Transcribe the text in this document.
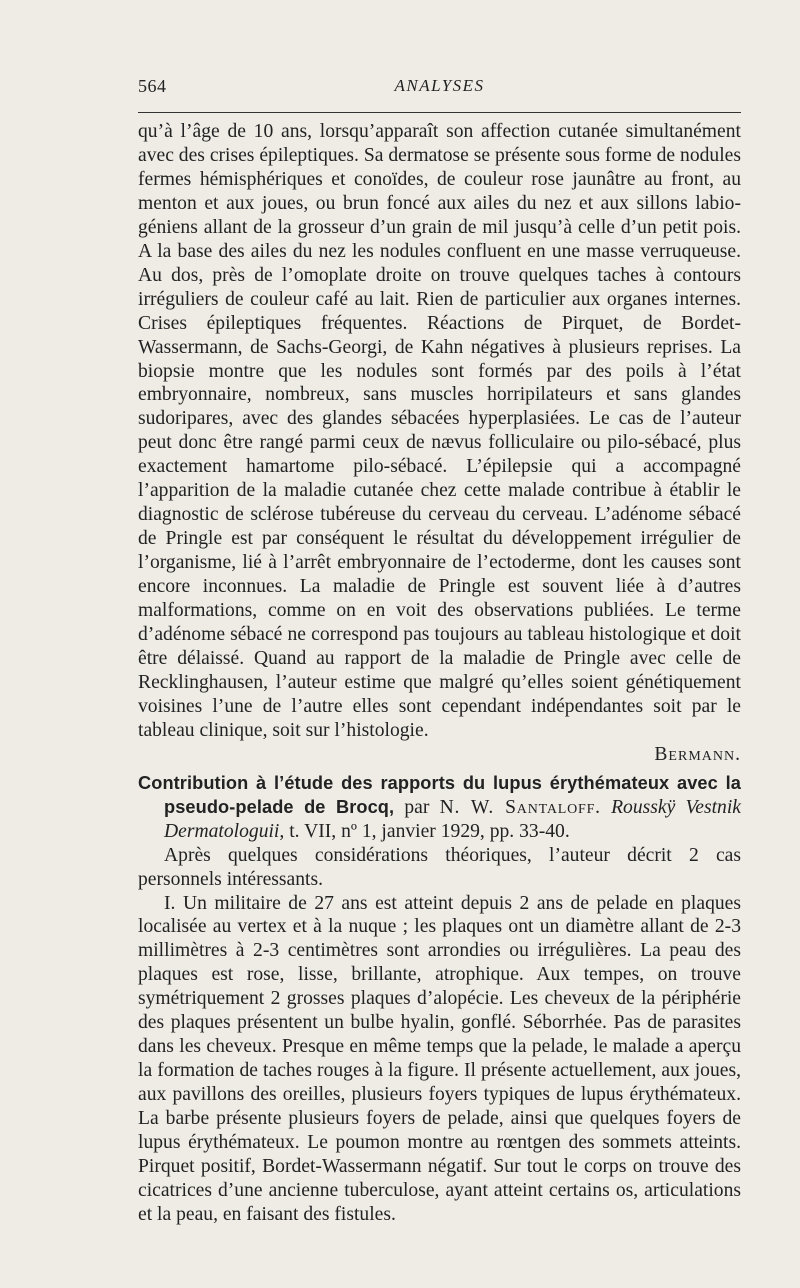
564	ANALYSES

qu’à l’âge de 10 ans, lorsqu’apparaît son affection cutanée simultanément avec des crises épileptiques. Sa dermatose se présente sous forme de nodules fermes hémisphériques et conoïdes, de couleur rose jaunâtre au front, au menton et aux joues, ou brun foncé aux ailes du nez et aux sillons labio-géniens allant de la grosseur d’un grain de mil jusqu’à celle d’un petit pois. A la base des ailes du nez les nodules confluent en une masse verruqueuse. Au dos, près de l’omoplate droite on trouve quelques taches à contours irréguliers de couleur café au lait. Rien de particulier aux organes internes. Crises épileptiques fréquentes. Réactions de Pirquet, de Bordet-Wassermann, de Sachs-Georgi, de Kahn négatives à plusieurs reprises. La biopsie montre que les nodules sont formés par des poils à l’état embryonnaire, nombreux, sans muscles horripilateurs et sans glandes sudoripares, avec des glandes sébacées hyperplasiées. Le cas de l’auteur peut donc être rangé parmi ceux de nævus folliculaire ou pilo-sébacé, plus exactement hamartome pilo-sébacé. L’épilepsie qui a accompagné l’apparition de la maladie cutanée chez cette malade contribue à établir le diagnostic de sclérose tubéreuse du cerveau du cerveau. L’adénome sébacé de Pringle est par conséquent le résultat du développement irrégulier de l’organisme, lié à l’arrêt embryonnaire de l’ectoderme, dont les causes sont encore inconnues. La maladie de Pringle est souvent liée à d’autres malformations, comme on en voit des observations publiées. Le terme d’adénome sébacé ne correspond pas toujours au tableau histologique et doit être délaissé. Quand au rapport de la maladie de Pringle avec celle de Recklinghausen, l’auteur estime que malgré qu’elles soient génétiquement voisines l’une de l’autre elles sont cependant indépendantes soit par le tableau clinique, soit sur l’histologie.

Bermann.

Contribution à l’étude des rapports du lupus érythémateux avec la pseudo-pelade de Brocq, par N. W. Santaloff. Rousskÿ Vestnik Dermatologuii, t. VII, nº 1, janvier 1929, pp. 33-40.

Après quelques considérations théoriques, l’auteur décrit 2 cas personnels intéressants.

I. Un militaire de 27 ans est atteint depuis 2 ans de pelade en plaques localisée au vertex et à la nuque ; les plaques ont un diamètre allant de 2-3 millimètres à 2-3 centimètres sont arrondies ou irrégulières. La peau des plaques est rose, lisse, brillante, atrophique. Aux tempes, on trouve symétriquement 2 grosses plaques d’alopécie. Les cheveux de la périphérie des plaques présentent un bulbe hyalin, gonflé. Séborrhée. Pas de parasites dans les cheveux. Presque en même temps que la pelade, le malade a aperçu la formation de taches rouges à la figure. Il présente actuellement, aux joues, aux pavillons des oreilles, plusieurs foyers typiques de lupus érythémateux. La barbe présente plusieurs foyers de pelade, ainsi que quelques foyers de lupus érythémateux. Le poumon montre au rœntgen des sommets atteints. Pirquet positif, Bordet-Wassermann négatif. Sur tout le corps on trouve des cicatrices d’une ancienne tuberculose, ayant atteint certains os, articulations et la peau, en faisant des fistules.
